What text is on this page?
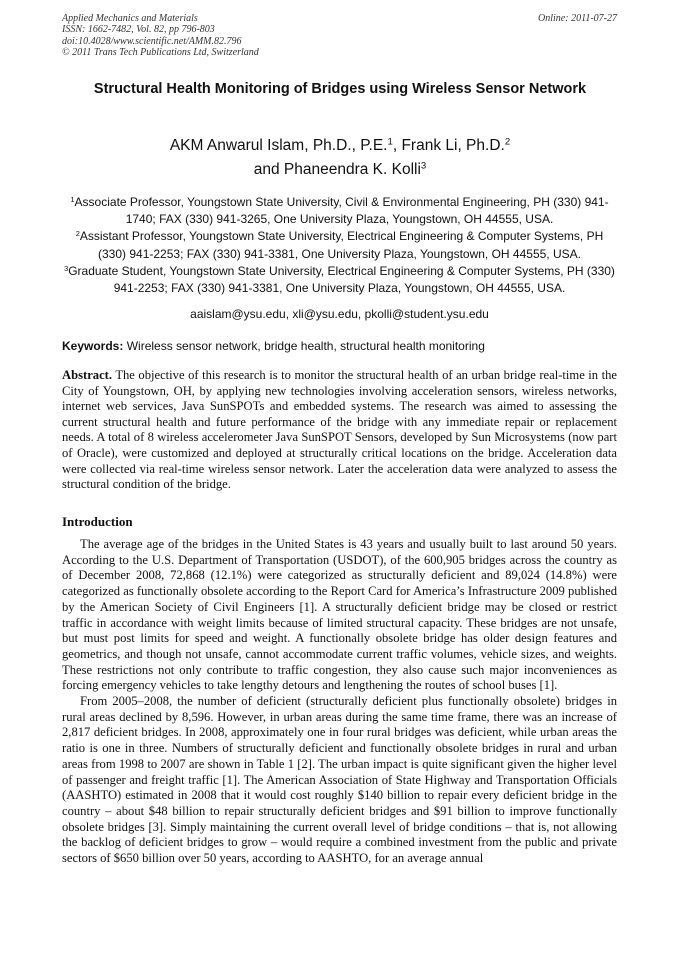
Applied Mechanics and Materials
ISSN: 1662-7482, Vol. 82, pp 796-803
doi:10.4028/www.scientific.net/AMM.82.796
© 2011 Trans Tech Publications Ltd, Switzerland
Online: 2011-07-27
Structural Health Monitoring of Bridges using Wireless Sensor Network
AKM Anwarul Islam, Ph.D., P.E.$^1$, Frank Li, Ph.D.$^2$
and Phaneendra K. Kolli$^3$
$^1$Associate Professor, Youngstown State University, Civil & Environmental Engineering, PH (330) 941-1740; FAX (330) 941-3265, One University Plaza, Youngstown, OH 44555, USA.
$^2$Assistant Professor, Youngstown State University, Electrical Engineering & Computer Systems, PH (330) 941-2253; FAX (330) 941-3381, One University Plaza, Youngstown, OH 44555, USA.
$^3$Graduate Student, Youngstown State University, Electrical Engineering & Computer Systems, PH (330) 941-2253; FAX (330) 941-3381, One University Plaza, Youngstown, OH 44555, USA.
aaislam@ysu.edu, xli@ysu.edu, pkolli@student.ysu.edu
Keywords: Wireless sensor network, bridge health, structural health monitoring
Abstract. The objective of this research is to monitor the structural health of an urban bridge real-time in the City of Youngstown, OH, by applying new technologies involving acceleration sensors, wireless networks, internet web services, Java SunSPOTs and embedded systems. The research was aimed to assessing the current structural health and future performance of the bridge with any immediate repair or replacement needs. A total of 8 wireless accelerometer Java SunSPOT Sensors, developed by Sun Microsystems (now part of Oracle), were customized and deployed at structurally critical locations on the bridge. Acceleration data were collected via real-time wireless sensor network. Later the acceleration data were analyzed to assess the structural condition of the bridge.
Introduction

The average age of the bridges in the United States is 43 years and usually built to last around 50 years. According to the U.S. Department of Transportation (USDOT), of the 600,905 bridges across the country as of December 2008, 72,868 (12.1%) were categorized as structurally deficient and 89,024 (14.8%) were categorized as functionally obsolete according to the Report Card for America’s Infrastructure 2009 published by the American Society of Civil Engineers [1]. A structurally deficient bridge may be closed or restrict traffic in accordance with weight limits because of limited structural capacity. These bridges are not unsafe, but must post limits for speed and weight. A functionally obsolete bridge has older design features and geometrics, and though not unsafe, cannot accommodate current traffic volumes, vehicle sizes, and weights. These restrictions not only contribute to traffic congestion, they also cause such major inconveniences as forcing emergency vehicles to take lengthy detours and lengthening the routes of school buses [1].

From 2005–2008, the number of deficient (structurally deficient plus functionally obsolete) bridges in rural areas declined by 8,596. However, in urban areas during the same time frame, there was an increase of 2,817 deficient bridges. In 2008, approximately one in four rural bridges was deficient, while urban areas the ratio is one in three. Numbers of structurally deficient and functionally obsolete bridges in rural and urban areas from 1998 to 2007 are shown in Table 1 [2]. The urban impact is quite significant given the higher level of passenger and freight traffic [1]. The American Association of State Highway and Transportation Officials (AASHTO) estimated in 2008 that it would cost roughly $140 billion to repair every deficient bridge in the country – about $48 billion to repair structurally deficient bridges and $91 billion to improve functionally obsolete bridges [3]. Simply maintaining the current overall level of bridge conditions – that is, not allowing the backlog of deficient bridges to grow – would require a combined investment from the public and private sectors of $650 billion over 50 years, according to AASHTO, for an average annual
